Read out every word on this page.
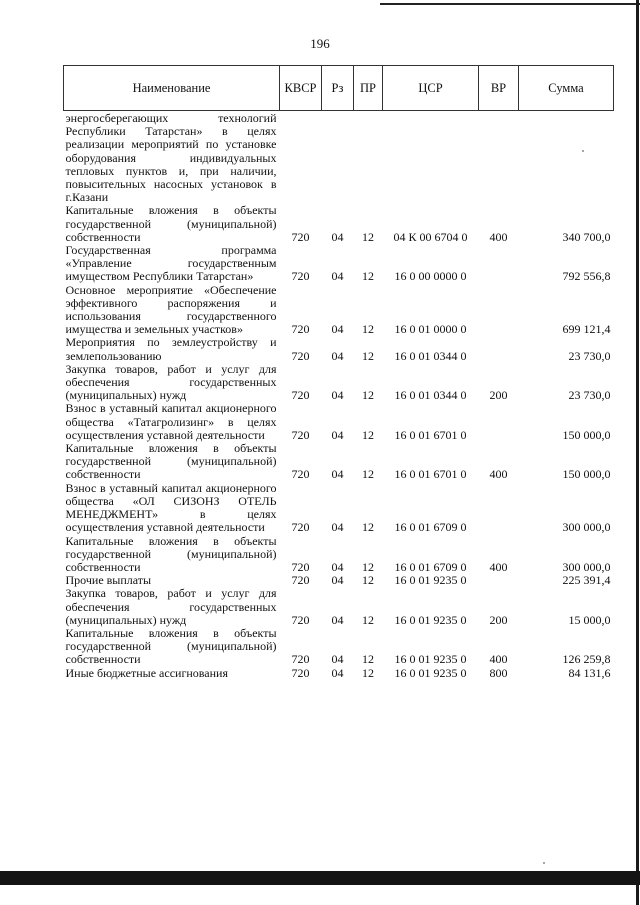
196
Наименование	КВСР	Рз	ПР	ЦСР	ВР	Сумма
энергосберегающих технологий Республики Татарстан» в целях реализации мероприятий по установке оборудования индивидуальных тепловых пунктов и, при наличии, повысительных насосных установок в г.Казани						
Капитальные вложения в объекты государственной (муниципальной) собственности	720	04	12	04 К 00 6704 0	400	340 700,0
Государственная программа «Управление государственным имуществом Республики Татарстан»	720	04	12	16 0 00 0000 0		792 556,8
Основное мероприятие «Обеспечение эффективного распоряжения и использования государственного имущества и земельных участков»	720	04	12	16 0 01 0000 0		699 121,4
Мероприятия по землеустройству и землепользованию	720	04	12	16 0 01 0344 0		23 730,0
Закупка товаров, работ и услуг для обеспечения государственных (муниципальных) нужд	720	04	12	16 0 01 0344 0	200	23 730,0
Взнос в уставный капитал акционерного общества «Татагролизинг» в целях осуществления уставной деятельности	720	04	12	16 0 01 6701 0		150 000,0
Капитальные вложения в объекты государственной (муниципальной) собственности	720	04	12	16 0 01 6701 0	400	150 000,0
Взнос в уставный капитал акционерного общества «ОЛ СИЗОНЗ ОТЕЛЬ МЕНЕДЖМЕНТ» в целях осуществления уставной деятельности	720	04	12	16 0 01 6709 0		300 000,0
Капитальные вложения в объекты государственной (муниципальной) собственности	720	04	12	16 0 01 6709 0	400	300 000,0
Прочие выплаты	720	04	12	16 0 01 9235 0		225 391,4
Закупка товаров, работ и услуг для обеспечения государственных (муниципальных) нужд	720	04	12	16 0 01 9235 0	200	15 000,0
Капитальные вложения в объекты государственной (муниципальной) собственности	720	04	12	16 0 01 9235 0	400	126 259,8
Иные бюджетные ассигнования	720	04	12	16 0 01 9235 0	800	84 131,6
